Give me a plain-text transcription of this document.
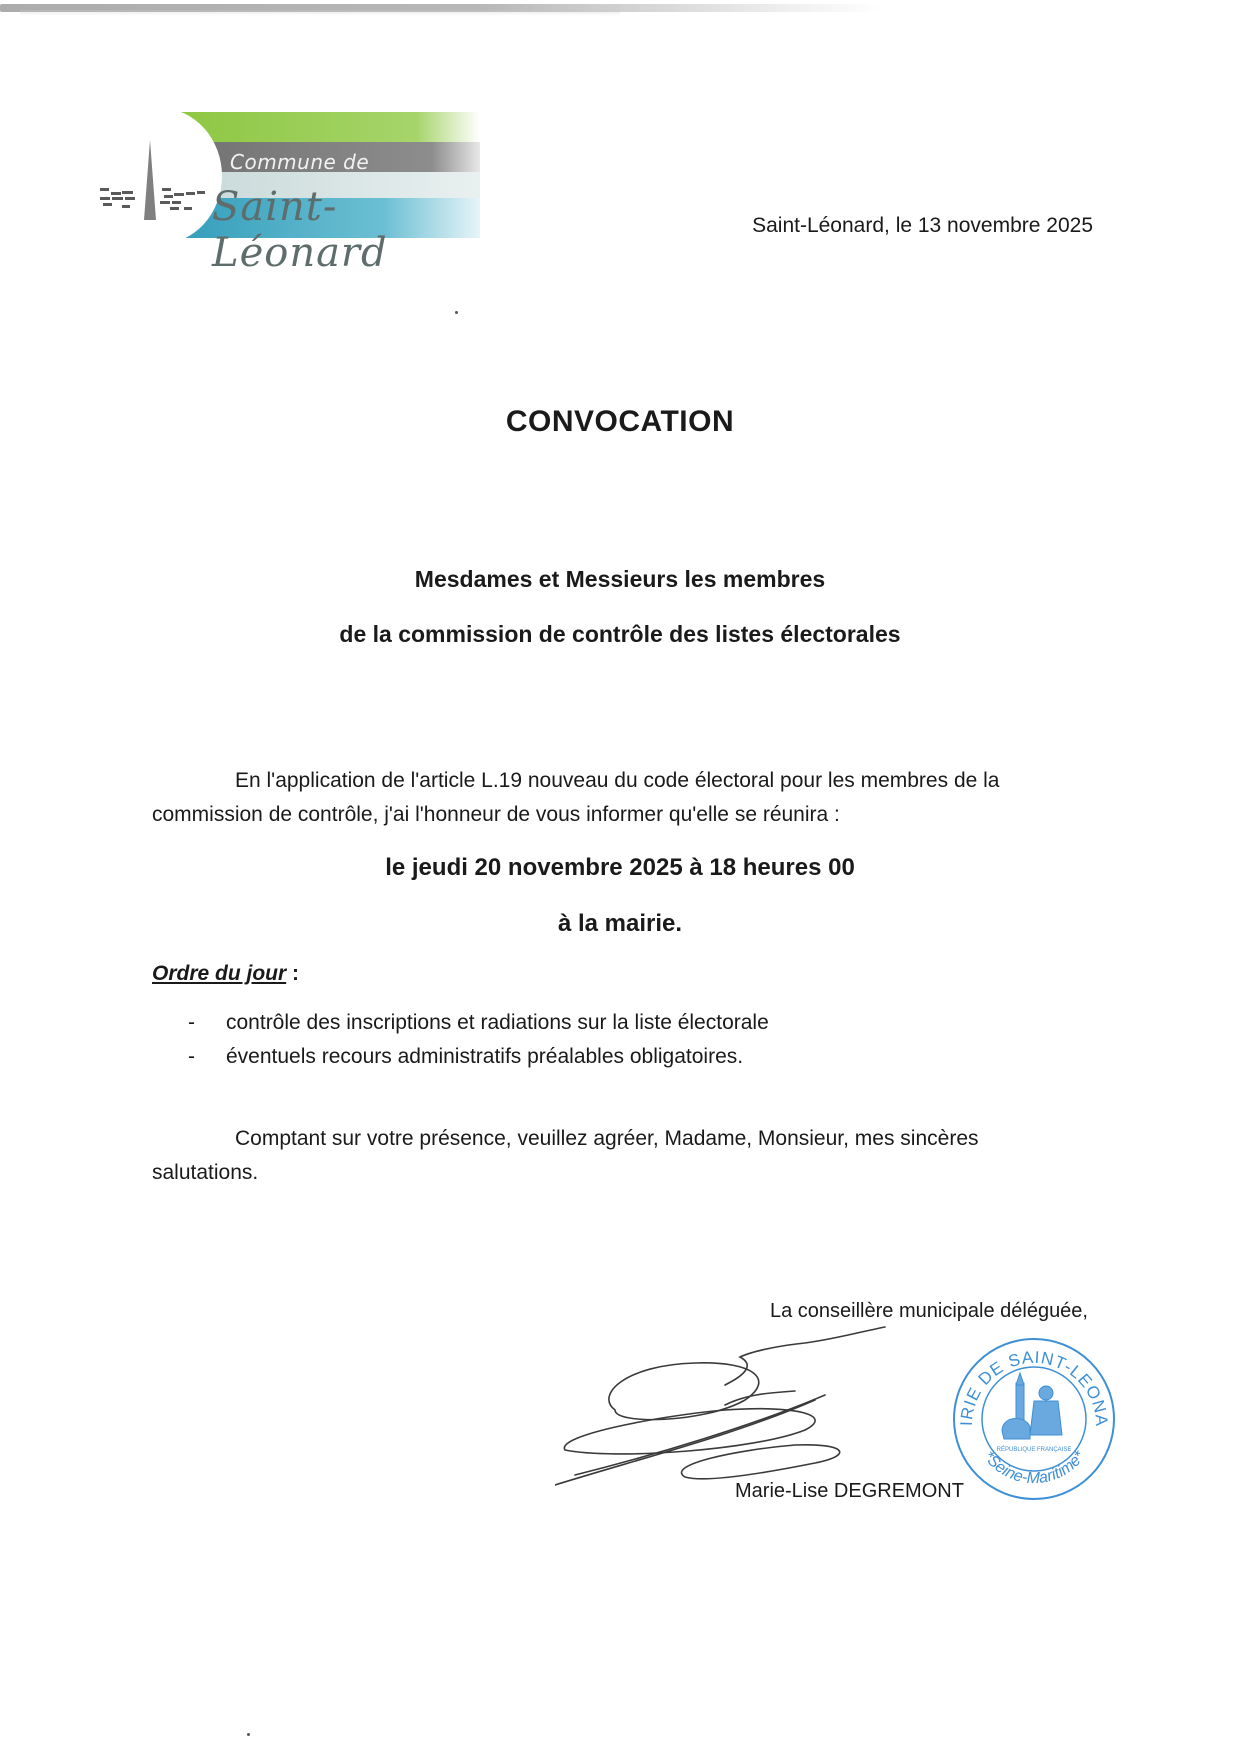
Commune de
Saint-Léonard
Saint-Léonard, le 13 novembre 2025
CONVOCATION
Mesdames et Messieurs les membres
de la commission de contrôle des listes électorales
En l'application de l'article L.19 nouveau du code électoral pour les membres de la commission de contrôle, j'ai l'honneur de vous informer qu'elle se réunira :
le jeudi 20 novembre 2025 à 18 heures 00
à la mairie.
Ordre du jour :
- contrôle des inscriptions et radiations sur la liste électorale
- éventuels recours administratifs préalables obligatoires.
Comptant sur votre présence, veuillez agréer, Madame, Monsieur, mes sincères salutations.
La conseillère municipale déléguée,
IRIE DE SAINT-LEONA
*Seine-Maritime*
RÉPUBLIQUE FRANÇAISE
Marie-Lise DEGREMONT
